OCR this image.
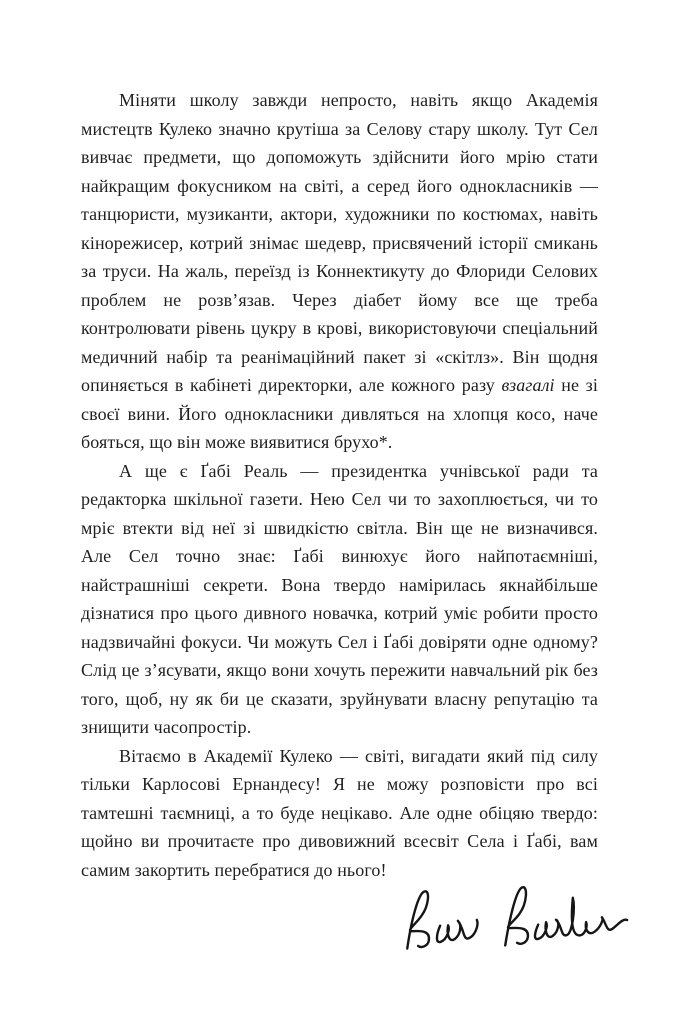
Міняти школу завжди непросто, навіть якщо Академія мистецтв Кулеко значно крутіша за Селову стару школу. Тут Сел вивчає предмети, що допоможуть здійснити його мрію стати найкращим фокусником на світі, а серед його однокласників — танцюристи, музиканти, актори, художники по костюмах, навіть кінорежисер, котрий знімає шедевр, присвячений історії смикань за труси. На жаль, переїзд із Коннектикуту до Флориди Селових проблем не розв’язав. Через діабет йому все ще треба контролювати рівень цукру в крові, використовуючи спеціальний медичний набір та реанімаційний пакет зі «скітлз». Він щодня опиняється в кабінеті директорки, але кожного разу взагалі не зі своєї вини. Його однокласники дивляться на хлопця косо, наче бояться, що він може виявитися брухо*.

А ще є Ґабі Реаль — президентка учнівської ради та редакторка шкільної газети. Нею Сел чи то захоплюється, чи то мріє втекти від неї зі швидкістю світла. Він ще не визначився. Але Сел точно знає: Ґабі винюхує його найпотаємніші, найстрашніші секрети. Вона твердо намірилась якнайбільше дізнатися про цього дивного новачка, котрий уміє робити просто надзвичайні фокуси. Чи можуть Сел і Ґабі довіряти одне одному? Слід це з’ясувати, якщо вони хочуть пережити навчальний рік без того, щоб, ну як би це сказати, зруйнувати власну репутацію та знищити часопростір.

Вітаємо в Академії Кулеко — світі, вигадати який під силу тільки Карлосові Ернандесу! Я не можу розповісти про всі тамтешні таємниці, а то буде нецікаво. Але одне обіцяю твердо: щойно ви прочитаєте про дивовижний всесвіт Села і Ґабі, вам самим закортить перебратися до нього!
